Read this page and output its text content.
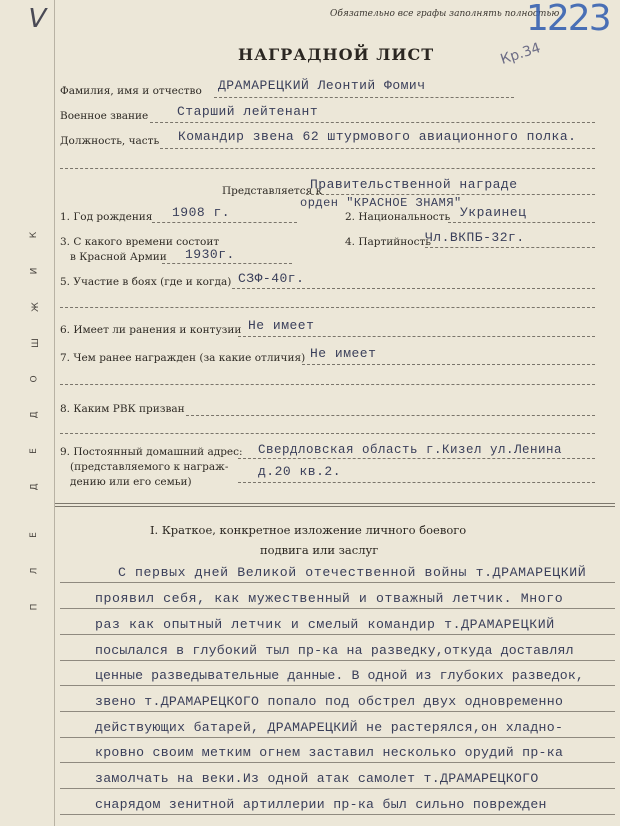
V	Обязательно все графы заполнять полностью
1223
Кр.34
НАГРАДНОЙ ЛИСТ
Фамилия, имя и отчество ДРАМАРЕЦКИЙ Леонтий Фомич
Военное звание Старший лейтенант
Должность, часть Командир звена 62 штурмового авиационного полка.
Представляется к
Правительственной награде
орден "КРАСНОЕ ЗНАМЯ"
1. Год рождения 1908 г.	2. Национальность Украинец
3. С какого времени состоит
в Красной Армии 1930г.
4. Партийность
Чл.ВКПБ-32г.
5. Участие в боях (где и когда) СЗФ-40г.
6. Имеет ли ранения и контузии Не имеет
7. Чем ранее награжден (за какие отличия) Не имеет
8. Каким РВК призван
9. Постоянный домашний адрес:
(представляемого к награж-
дению или его семьи)
Свердловская область г.Кизел ул.Ленина
д.20 кв.2.
I. Краткое, конкретное изложение личного боевого
подвига или заслуг
С первых дней Великой отечественной войны т.ДРАМАРЕЦКИЙ
проявил себя, как мужественный и отважный летчик. Много
раз как опытный летчик и смелый командир т.ДРАМАРЕЦКИЙ
посылался в глубокий тыл пр-ка на разведку,откуда доставлял
ценные разведывательные данные. В одной из глубоких разведок,
звено т.ДРАМАРЕЦКОГО попало под обстрел двух одновременно
действующих батарей, ДРАМАРЕЦКИЙ не растерялся,он хладно-
кровно своим метким огнем заставил несколько орудий пр-ка
замолчать на веки.Из одной атак самолет т.ДРАМАРЕЦКОГО
снарядом зенитной артиллерии пр-ка был сильно поврежден
К
И
Ж
Ш
О
Д
Е
Д
Е
Л
П
